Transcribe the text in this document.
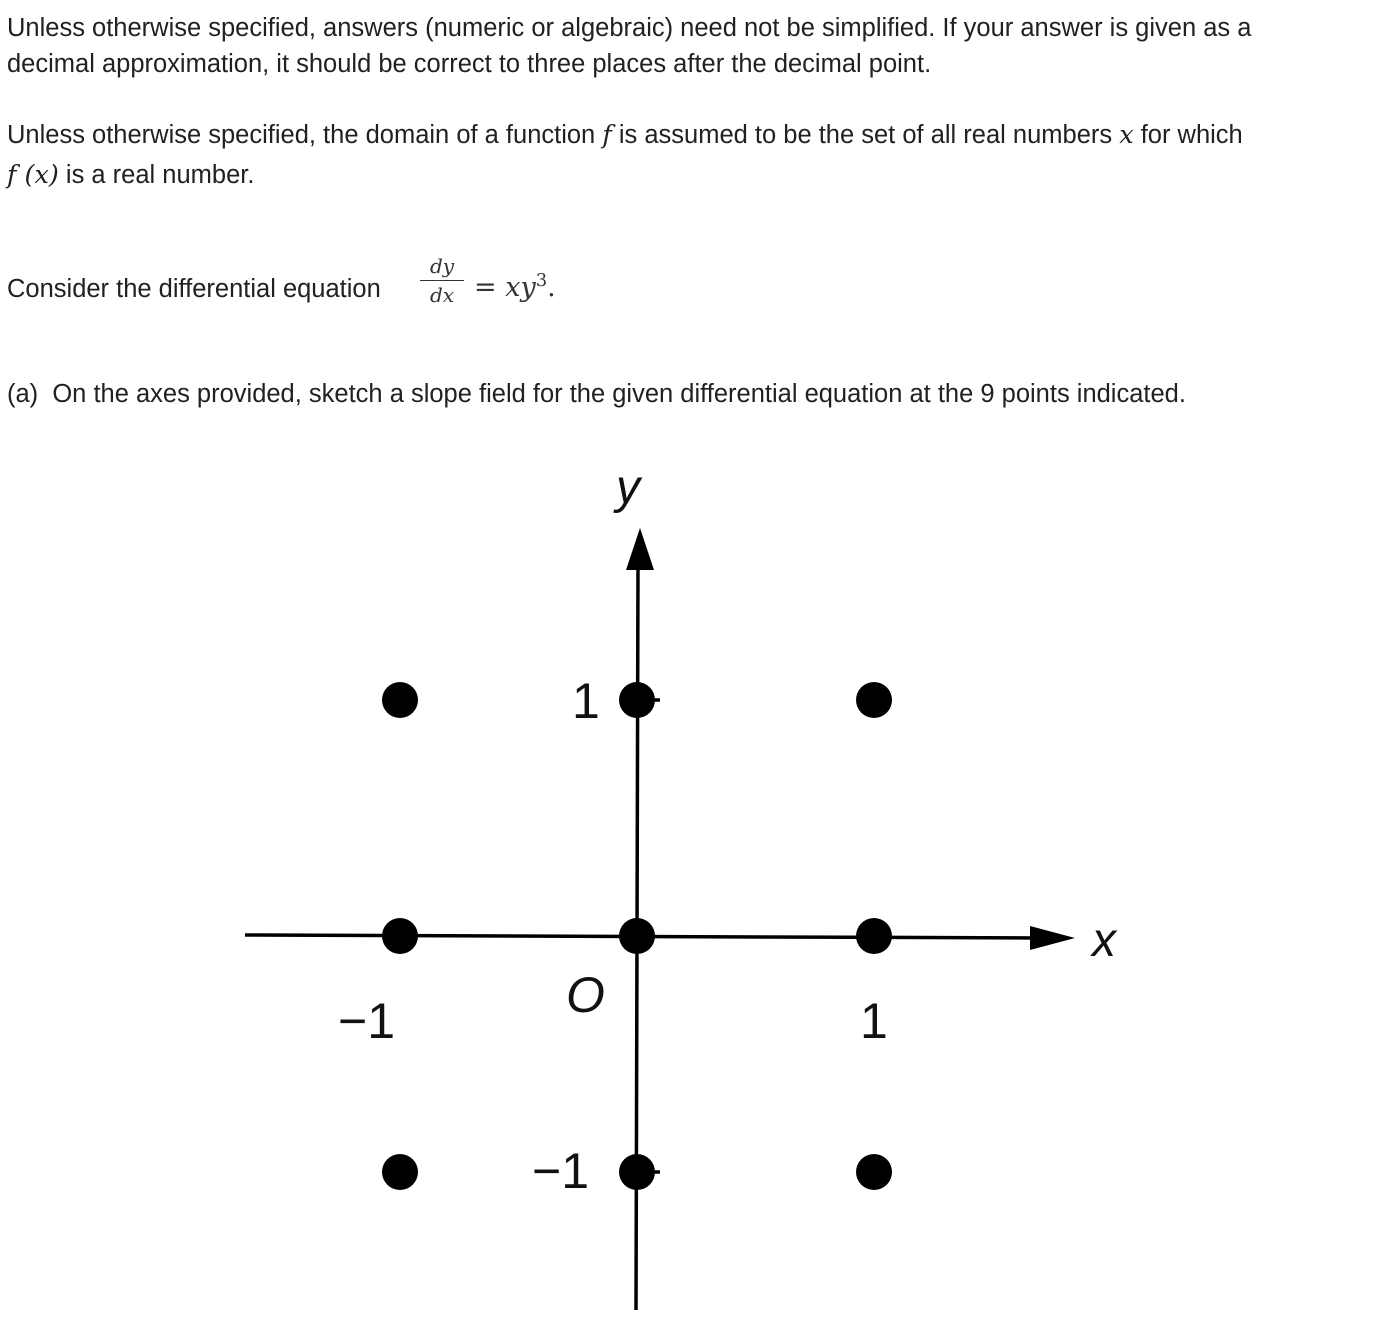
Unless otherwise specified, answers (numeric or algebraic) need not be simplified. If your answer is given as a

decimal approximation, it should be correct to three places after the decimal point.

Unless otherwise specified, the domain of a function f is assumed to be the set of all real numbers x for which

f (x) is a real number.

Consider the differential equation

dy
dx = $xy^3$.

(a) On the axes provided, sketch a slope field for the given differential equation at the 9 points indicated.

x
y
O
−1	1
1
−1
